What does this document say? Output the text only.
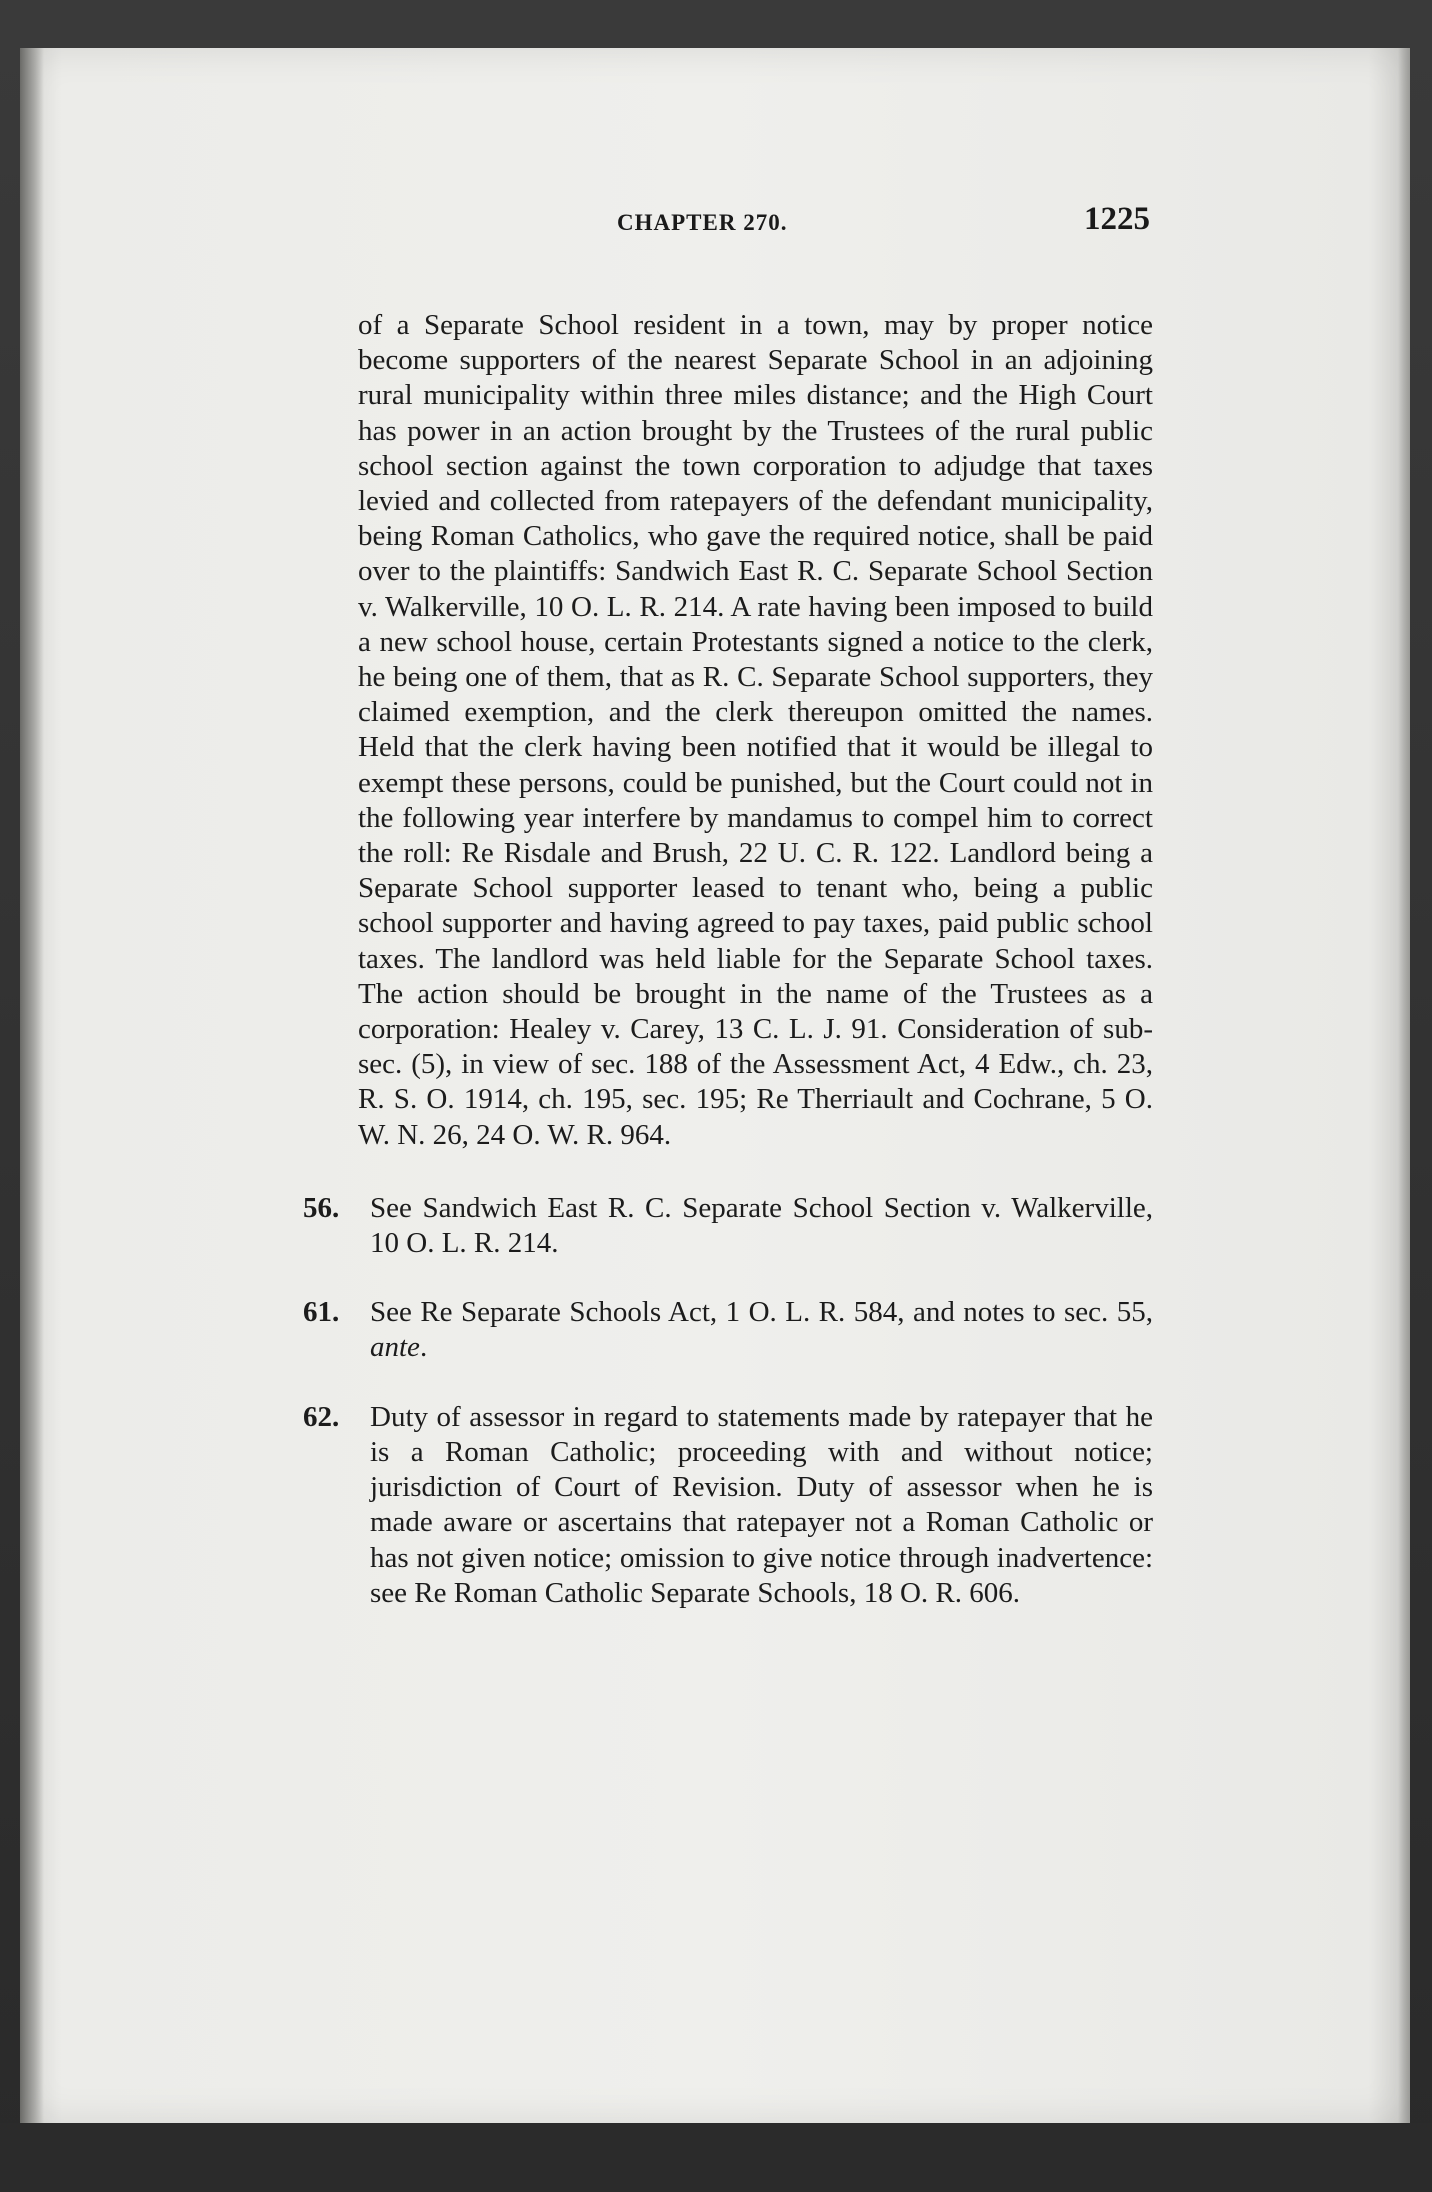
CHAPTER 270.	1225

of a Separate School resident in a town, may by proper notice become supporters of the nearest Separate School in an adjoining rural municipality within three miles distance; and the High Court has power in an action brought by the Trustees of the rural public school section against the town corporation to adjudge that taxes levied and collected from ratepayers of the defendant municipality, being Roman Catholics, who gave the required notice, shall be paid over to the plaintiffs: Sandwich East R. C. Separate School Section v. Walkerville, 10 O. L. R. 214. A rate having been imposed to build a new school house, certain Protestants signed a notice to the clerk, he being one of them, that as R. C. Separate School supporters, they claimed exemption, and the clerk thereupon omitted the names. Held that the clerk having been notified that it would be illegal to exempt these persons, could be punished, but the Court could not in the following year interfere by mandamus to compel him to correct the roll: Re Risdale and Brush, 22 U. C. R. 122. Landlord being a Separate School supporter leased to tenant who, being a public school supporter and having agreed to pay taxes, paid public school taxes. The landlord was held liable for the Separate School taxes. The action should be brought in the name of the Trustees as a corporation: Healey v. Carey, 13 C. L. J. 91. Consideration of sub-sec. (5), in view of sec. 188 of the Assessment Act, 4 Edw., ch. 23, R. S. O. 1914, ch. 195, sec. 195; Re Therriault and Cochrane, 5 O. W. N. 26, 24 O. W. R. 964.

56. See Sandwich East R. C. Separate School Section v. Walkerville, 10 O. L. R. 214.

61. See Re Separate Schools Act, 1 O. L. R. 584, and notes to sec. 55, ante.

62. Duty of assessor in regard to statements made by ratepayer that he is a Roman Catholic; proceeding with and without notice; jurisdiction of Court of Revision. Duty of assessor when he is made aware or ascertains that ratepayer not a Roman Catholic or has not given notice; omission to give notice through inadvertence: see Re Roman Catholic Separate Schools, 18 O. R. 606.
